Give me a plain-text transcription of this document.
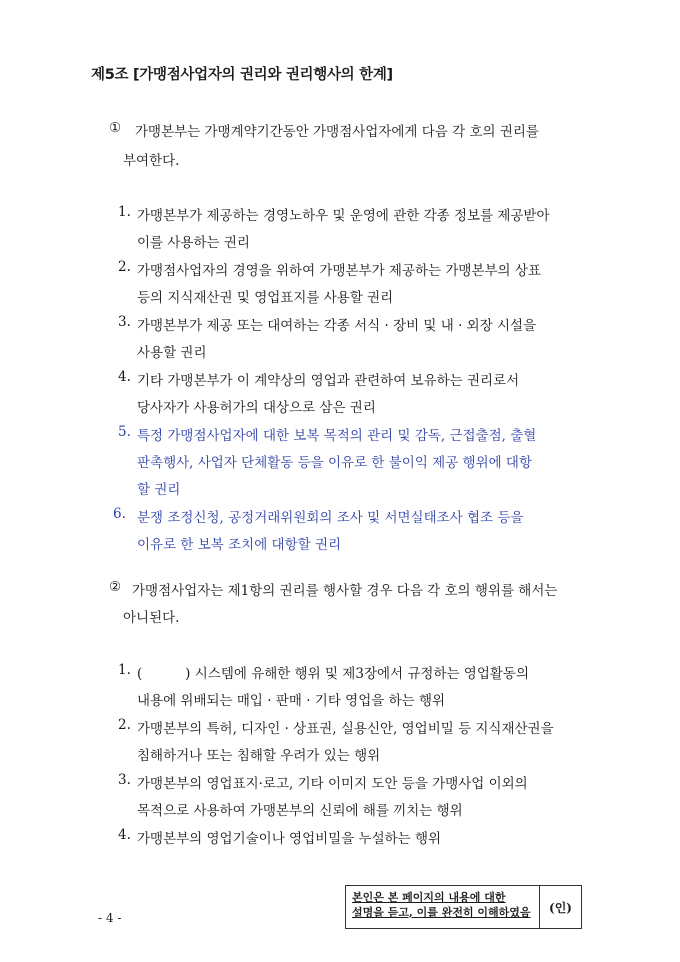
제5조 [가맹점사업자의 권리와 권리행사의 한계]
① 가맹본부는 가맹계약기간동안 가맹점사업자에게 다음 각 호의 권리를
부여한다.
1. 가맹본부가 제공하는 경영노하우 및 운영에 관한 각종 정보를 제공받아
이를 사용하는 권리
2. 가맹점사업자의 경영을 위하여 가맹본부가 제공하는 가맹본부의 상표
등의 지식재산권 및 영업표지를 사용할 권리
3. 가맹본부가 제공 또는 대여하는 각종 서식 · 장비 및 내 · 외장 시설을
사용할 권리
4. 기타 가맹본부가 이 계약상의 영업과 관련하여 보유하는 권리로서
당사자가 사용허가의 대상으로 삼은 권리
5. 특정 가맹점사업자에 대한 보복 목적의 관리 및 감독, 근접출점, 출혈
판촉행사, 사업자 단체활동 등을 이유로 한 불이익 제공 행위에 대항
할 권리
6. 분쟁 조정신청, 공정거래위원회의 조사 및 서면실태조사 협조 등을
이유로 한 보복 조치에 대항할 권리
② 가맹점사업자는 제1항의 권리를 행사할 경우 다음 각 호의 행위를 해서는
아니된다.
1. (          ) 시스템에 유해한 행위 및 제3장에서 규정하는 영업활동의
내용에 위배되는 매입 · 판매 · 기타 영업을 하는 행위
2. 가맹본부의 특허, 디자인 · 상표권, 실용신안, 영업비밀 등 지식재산권을
침해하거나 또는 침해할 우려가 있는 행위
3. 가맹본부의 영업표지·로고, 기타 이미지 도안 등을 가맹사업 이외의
목적으로 사용하여 가맹본부의 신뢰에 해를 끼치는 행위
4. 가맹본부의 영업기술이나 영업비밀을 누설하는 행위
본인은 본 페이지의 내용에 대한
설명을 듣고, 이를 완전히 이해하였음	(인)
- 4 -
